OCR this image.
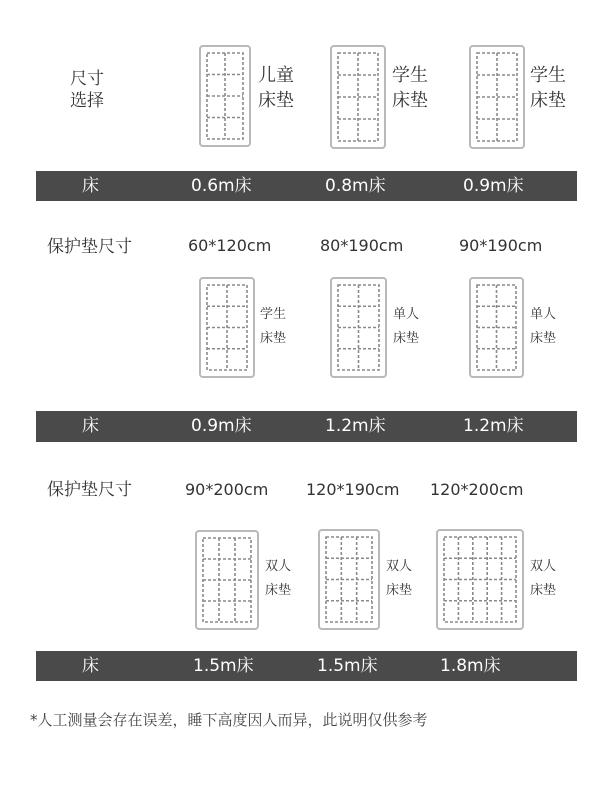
尺寸
选择
儿童
床垫
学生
床垫
学生
床垫
床	0.6m床	0.8m床	0.9m床
保护垫尺寸	60*120cm	80*190cm	90*190cm
学生
床垫
单人
床垫
单人
床垫
床	0.9m床	1.2m床	1.2m床
保护垫尺寸	90*200cm 120*190cm 120*200cm
双人
床垫
双人
床垫
双人
床垫
床	1.5m床	1.5m床	1.8m床
*人工测量会存在误差，睡下高度因人而异，此说明仅供参考
